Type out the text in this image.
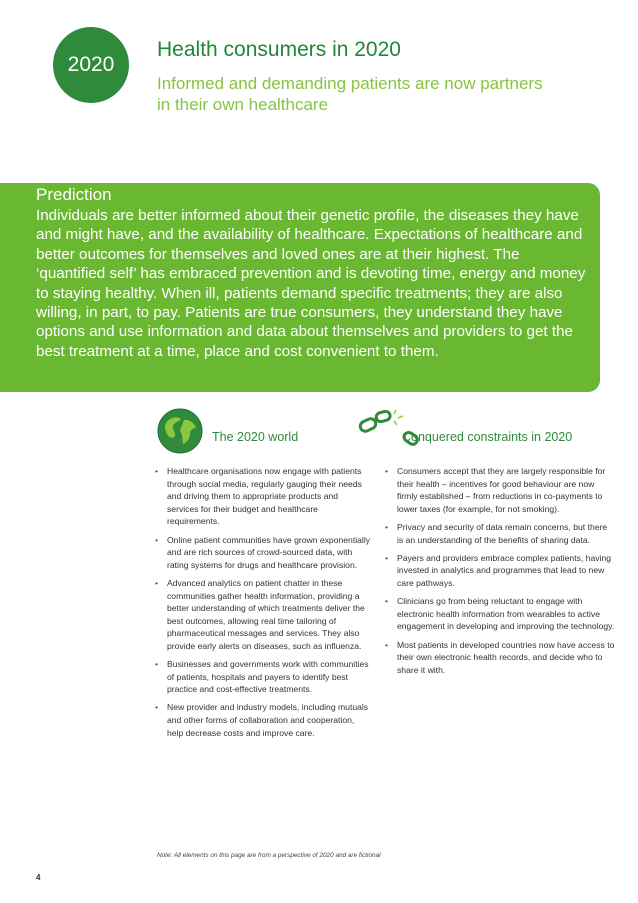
2020
Health consumers in 2020
Informed and demanding patients are now partners in their own healthcare
Prediction
Individuals are better informed about their genetic profile, the diseases they have and might have, and the availability of healthcare. Expectations of healthcare and better outcomes for themselves and loved ones are at their highest. The ‘quantified self’ has embraced prevention and is devoting time, energy and money to staying healthy. When ill, patients demand specific treatments; they are also willing, in part, to pay. Patients are true consumers, they understand they have options and use information and data about themselves and providers to get the best treatment at a time, place and cost convenient to them.
The 2020 world	Conquered constraints in 2020
• Healthcare organisations now engage with patients through social media, regularly gauging their needs and driving them to appropriate products and services for their budget and healthcare requirements.
• Online patient communities have grown exponentially and are rich sources of crowd-sourced data, with rating systems for drugs and healthcare provision.
• Advanced analytics on patient chatter in these communities gather health information, providing a better understanding of which treatments deliver the best outcomes, allowing real time tailoring of pharmaceutical messages and services. They also provide early alerts on diseases, such as influenza.
• Businesses and governments work with communities of patients, hospitals and payers to identify best practice and cost-effective treatments.
• New provider and industry models, including mutuals and other forms of collaboration and cooperation, help decrease costs and improve care.
• Consumers accept that they are largely responsible for their health – incentives for good behaviour are now firmly established – from reductions in co-payments to lower taxes (for example, for not smoking).
• Privacy and security of data remain concerns, but there is an understanding of the benefits of sharing data.
• Payers and providers embrace complex patients, having invested in analytics and programmes that lead to new care pathways.
• Clinicians go from being reluctant to engage with electronic health information from wearables to active engagement in developing and improving the technology.
• Most patients in developed countries now have access to their own electronic health records, and decide who to share it with.
Note: All elements on this page are from a perspective of 2020 and are fictional
4
